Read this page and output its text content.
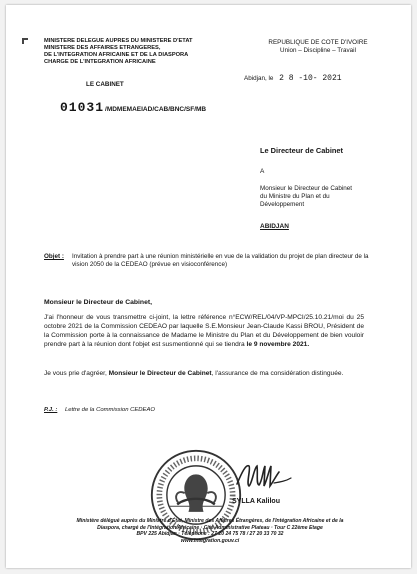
MINISTERE DELEGUE AUPRES DU MINISTERE D'ETAT
MINISTERE DES AFFAIRES ETRANGERES,
DE L'INTEGRATION AFRICAINE ET DE LA DIASPORA
CHARGE DE L'INTEGRATION AFRICAINE
REPUBLIQUE DE COTE D'IVOIRE
Union – Discipline – Travail
LE CABINET
Abidjan, le 2 8 -10- 2021
01031/MDMEMAEIAD/CAB/BNC/SF/MB
Le Directeur de Cabinet
A
Monsieur le Directeur de Cabinet
du Ministre du Plan et du
Développement
ABIDJAN
Objet : Invitation à prendre part à une réunion ministérielle en vue de la validation du projet de plan directeur de la vision 2050 de la CEDEAO (prévue en visioconférence)
Monsieur le Directeur de Cabinet,
J'ai l'honneur de vous transmettre ci-joint, la lettre référence n°ECW/REL/04/VP-MPCI/25.10.21/moi du 25 octobre 2021 de la Commission CEDEAO par laquelle S.E.Monsieur Jean-Claude Kassi BROU, Président de la Commission porte à la connaissance de Madame le Ministre du Plan et du Développement de bien vouloir prendre part à la réunion dont l'objet est susmentionné qui se tiendra le 9 novembre 2021.
Je vous prie d'agréer, Monsieur le Directeur de Cabinet, l'assurance de ma considération distinguée.
P.J. : Lettre de la Commission CEDEAO
SYLLA Kalilou
Ministère délégué auprès du Ministre d'État, Ministre des Affaires Étrangères, de l'Intégration Africaine et de la
Diaspora, chargé de l'Intégration Africaine · Cité Administrative Plateau · Tour C 22ème Etage
BPV 225 Abidjan · Téléphone : 27 20 24 75 78 / 27 20 33 70 32
www.integration.gouv.ci
